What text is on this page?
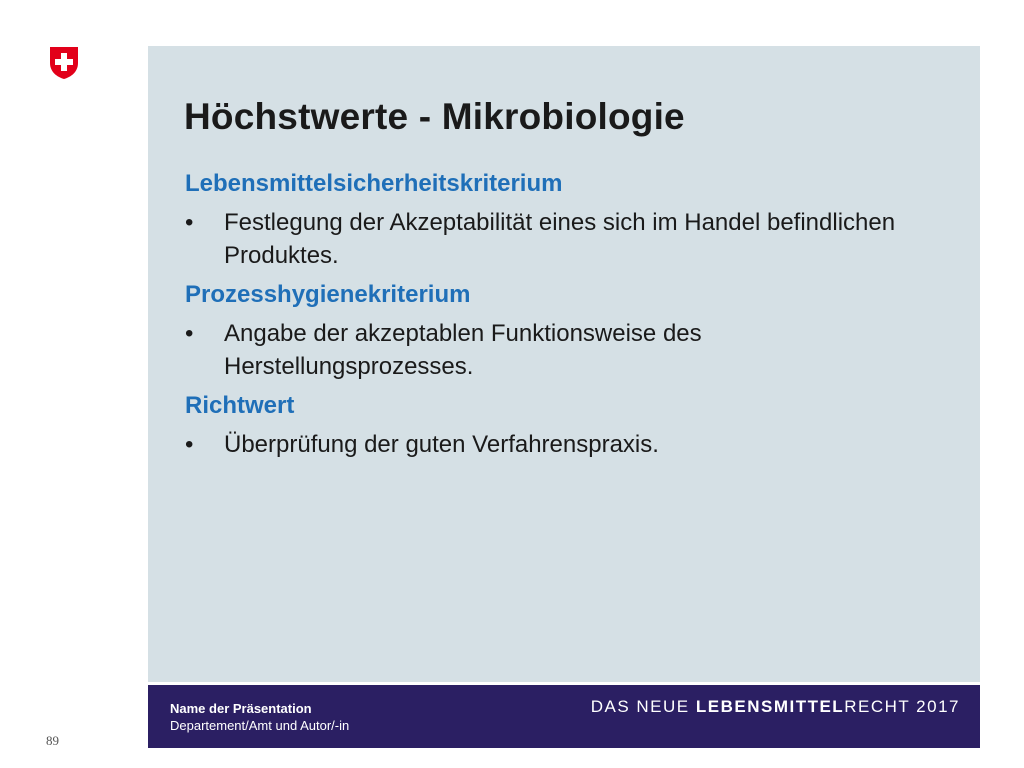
Höchstwerte - Mikrobiologie
Lebensmittelsicherheitskriterium
• Festlegung der Akzeptabilität eines sich im Handel befindlichen Produktes.
Prozesshygienekriterium
• Angabe der akzeptablen Funktionsweise des Herstellungsprozesses.
Richtwert
• Überprüfung der guten Verfahrenspraxis.
Name der Präsentation
Departement/Amt und Autor/-in
DAS NEUE LEBENSMITTELRECHT 2017
89
